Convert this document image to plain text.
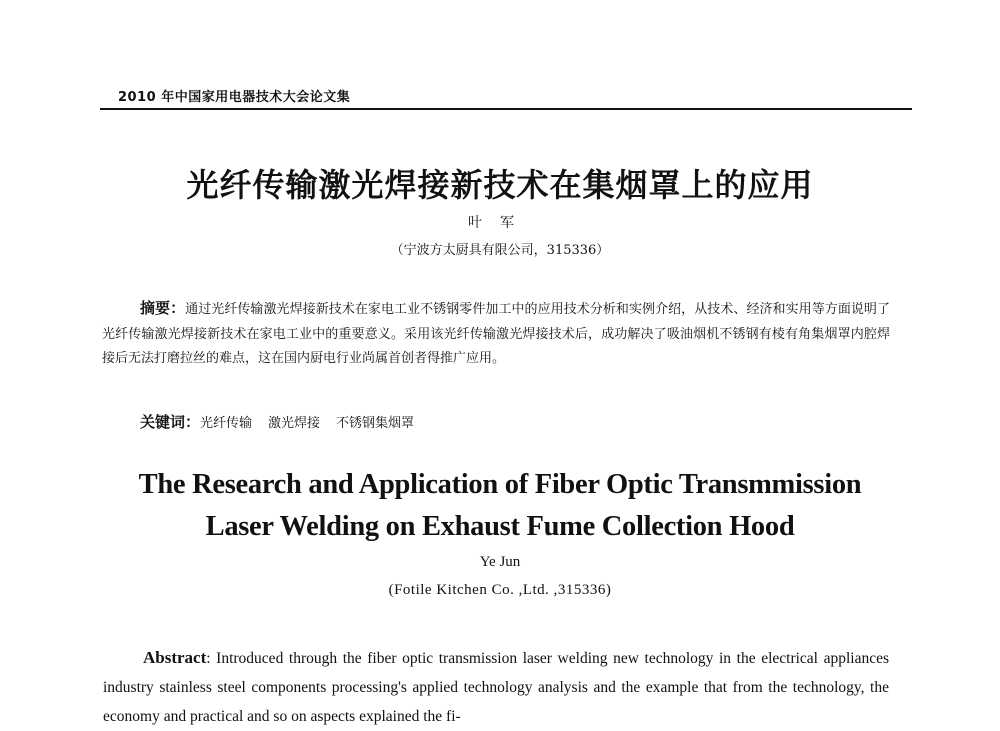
2010 年中国家用电器技术大会论文集
光纤传输激光焊接新技术在集烟罩上的应用
叶军
（宁波方太厨具有限公司，315336）
摘要：通过光纤传输激光焊接新技术在家电工业不锈钢零件加工中的应用技术分析和实例介绍，从技术、经济和实用等方面说明了光纤传输激光焊接新技术在家电工业中的重要意义。采用该光纤传输激光焊接技术后，成功解决了吸油烟机不锈钢有棱有角集烟罩内腔焊接后无法打磨拉丝的难点，这在国内厨电行业尚属首创者得推广应用。
关键词：光纤传输 激光焊接 不锈钢集烟罩
The Research and Application of Fiber Optic Transmmission
Laser Welding on Exhaust Fume Collection Hood
Ye Jun
(Fotile Kitchen Co. ,Ltd. ,315336)
Abstract: Introduced through the fiber optic transmission laser welding new technology in the electrical appliances industry stainless steel components processing's applied technology analysis and the example that from the technology, the economy and practical and so on aspects explained the fi-
